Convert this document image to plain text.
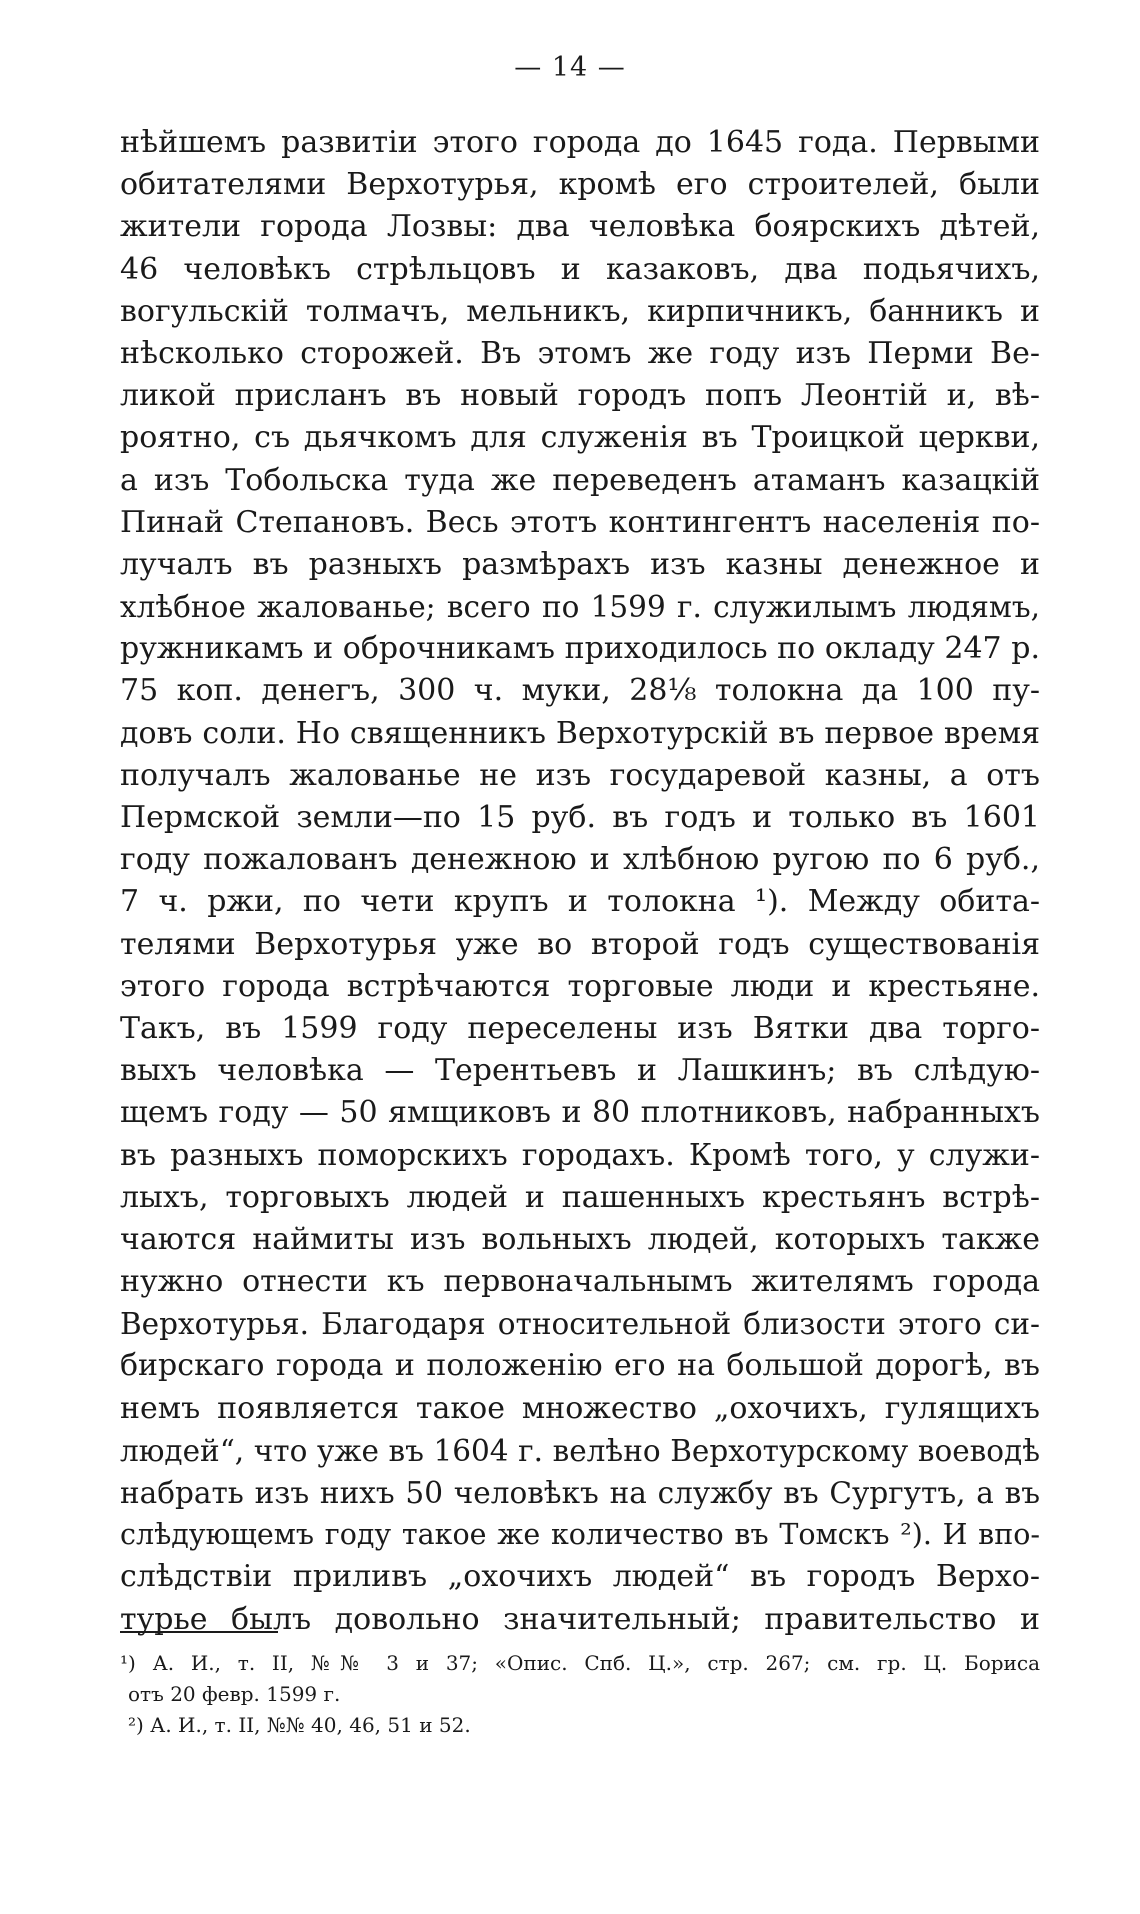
— 14 —
нѣйшемъ развитіи этого города до 1645 года. Первыми
обитателями Верхотурья, кромѣ его строителей, были
жители города Лозвы: два человѣка боярскихъ дѣтей,
46 человѣкъ стрѣльцовъ и казаковъ, два подьячихъ,
вогульскій толмачъ, мельникъ, кирпичникъ, банникъ и
нѣсколько сторожей. Въ этомъ же году изъ Перми Ве-
ликой присланъ въ новый городъ попъ Леонтій и, вѣ-
роятно, съ дьячкомъ для служенія въ Троицкой церкви,
а изъ Тобольска туда же переведенъ атаманъ казацкій
Пинай Степановъ. Весь этотъ контингентъ населенія по-
лучалъ въ разныхъ размѣрахъ изъ казны денежное и
хлѣбное жалованье; всего по 1599 г. служилымъ людямъ,
ружникамъ и оброчникамъ приходилось по окладу 247 р.
75 коп. денегъ, 300 ч. муки, 28⅛ толокна да 100 пу-
довъ соли. Но священникъ Верхотурскій въ первое время
получалъ жалованье не изъ государевой казны, а отъ
Пермской земли—по 15 руб. въ годъ и только въ 1601
году пожалованъ денежною и хлѣбною ругою по 6 руб.,
7 ч. ржи, по чети крупъ и толокна ¹). Между обита-
телями Верхотурья уже во второй годъ существованія
этого города встрѣчаются торговые люди и крестьяне.
Такъ, въ 1599 году переселены изъ Вятки два торго-
выхъ человѣка — Терентьевъ и Лашкинъ; въ слѣдую-
щемъ году — 50 ямщиковъ и 80 плотниковъ, набранныхъ
въ разныхъ поморскихъ городахъ. Кромѣ того, у служи-
лыхъ, торговыхъ людей и пашенныхъ крестьянъ встрѣ-
чаются наймиты изъ вольныхъ людей, которыхъ также
нужно отнести къ первоначальнымъ жителямъ города
Верхотурья. Благодаря относительной близости этого си-
бирскаго города и положенію его на большой дорогѣ, въ
немъ появляется такое множество „охочихъ, гулящихъ
людей“, что уже въ 1604 г. велѣно Верхотурскому воеводѣ
набрать изъ нихъ 50 человѣкъ на службу въ Сургутъ, а въ
слѣдующемъ году такое же количество въ Томскъ ²). И впо-
слѣдствіи приливъ „охочихъ людей“ въ городъ Верхо-
турье былъ довольно значительный; правительство и
¹) А. И., т. II, №№ 3 и 37; «Опис. Спб. Ц.», стр. 267; см. гр. Ц. Бориса
отъ 20 февр. 1599 г.
²) А. И., т. II, №№ 40, 46, 51 и 52.
